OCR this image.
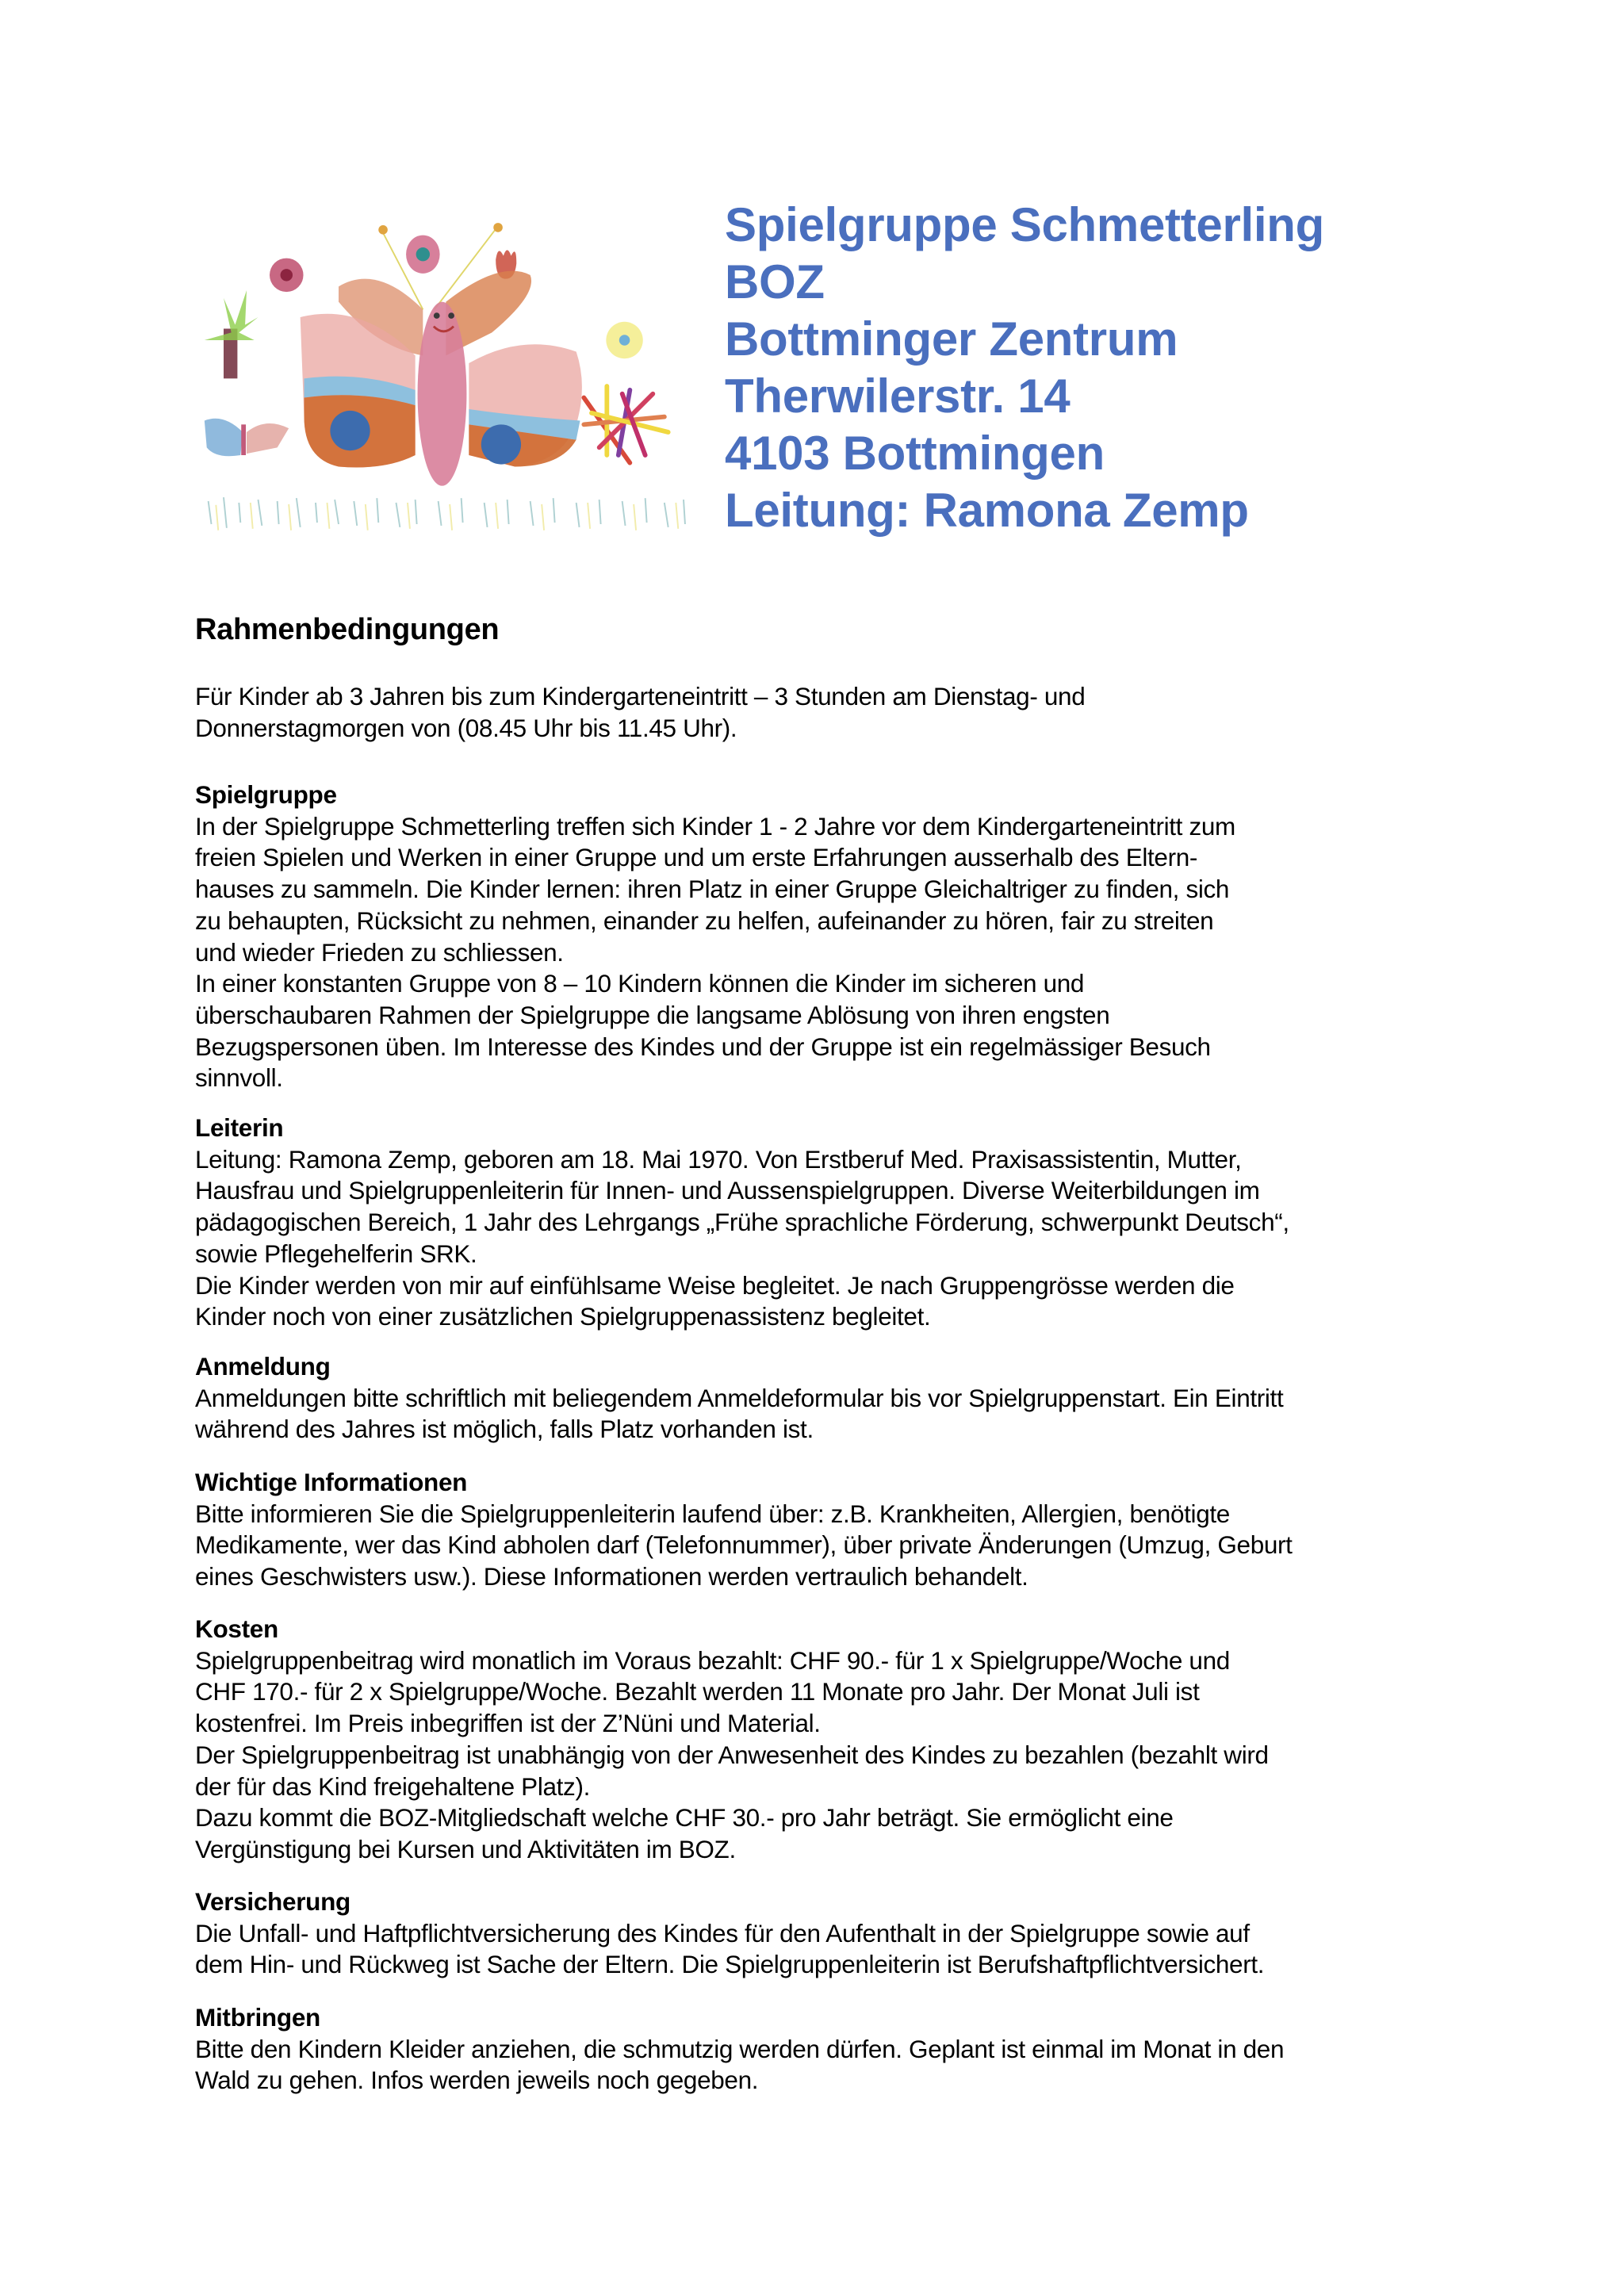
Spielgruppe Schmetterling
BOZ
Bottminger Zentrum
Therwilerstr. 14
4103 Bottmingen
Leitung: Ramona Zemp
Rahmenbedingungen
Für Kinder ab 3 Jahren bis zum Kindergarteneintritt – 3 Stunden am Dienstag- und
Donnerstagmorgen von (08.45 Uhr bis 11.45 Uhr).
Spielgruppe
In der Spielgruppe Schmetterling treffen sich Kinder 1 - 2 Jahre vor dem Kindergarteneintritt zum
freien Spielen und Werken in einer Gruppe und um erste Erfahrungen ausserhalb des Eltern-
hauses zu sammeln. Die Kinder lernen: ihren Platz in einer Gruppe Gleichaltriger zu finden, sich
zu behaupten, Rücksicht zu nehmen, einander zu helfen, aufeinander zu hören, fair zu streiten
und wieder Frieden zu schliessen.
In einer konstanten Gruppe von 8 – 10 Kindern können die Kinder im sicheren und
überschaubaren Rahmen der Spielgruppe die langsame Ablösung von ihren engsten
Bezugspersonen üben. Im Interesse des Kindes und der Gruppe ist ein regelmässiger Besuch
sinnvoll.
Leiterin
Leitung: Ramona Zemp, geboren am 18. Mai 1970. Von Erstberuf Med. Praxisassistentin, Mutter,
Hausfrau und Spielgruppenleiterin für Innen- und Aussenspielgruppen. Diverse Weiterbildungen im
pädagogischen Bereich, 1 Jahr des Lehrgangs „Frühe sprachliche Förderung, schwerpunkt Deutsch“,
sowie Pflegehelferin SRK.
Die Kinder werden von mir auf einfühlsame Weise begleitet. Je nach Gruppengrösse werden die
Kinder noch von einer zusätzlichen Spielgruppenassistenz begleitet.
Anmeldung
Anmeldungen bitte schriftlich mit beliegendem Anmeldeformular bis vor Spielgruppenstart. Ein Eintritt
während des Jahres ist möglich, falls Platz vorhanden ist.
Wichtige Informationen
Bitte informieren Sie die Spielgruppenleiterin laufend über: z.B. Krankheiten, Allergien, benötigte
Medikamente, wer das Kind abholen darf (Telefonnummer), über private Änderungen (Umzug, Geburt
eines Geschwisters usw.). Diese Informationen werden vertraulich behandelt.
Kosten
Spielgruppenbeitrag wird monatlich im Voraus bezahlt: CHF 90.- für 1 x Spielgruppe/Woche und
CHF 170.- für 2 x Spielgruppe/Woche. Bezahlt werden 11 Monate pro Jahr. Der Monat Juli ist
kostenfrei. Im Preis inbegriffen ist der Z’Nüni und Material.
Der Spielgruppenbeitrag ist unabhängig von der Anwesenheit des Kindes zu bezahlen (bezahlt wird
der für das Kind freigehaltene Platz).
Dazu kommt die BOZ-Mitgliedschaft welche CHF 30.- pro Jahr beträgt. Sie ermöglicht eine
Vergünstigung bei Kursen und Aktivitäten im BOZ.
Versicherung
Die Unfall- und Haftpflichtversicherung des Kindes für den Aufenthalt in der Spielgruppe sowie auf
dem Hin- und Rückweg ist Sache der Eltern. Die Spielgruppenleiterin ist Berufshaftpflichtversichert.
Mitbringen
Bitte den Kindern Kleider anziehen, die schmutzig werden dürfen. Geplant ist einmal im Monat in den
Wald zu gehen. Infos werden jeweils noch gegeben.
